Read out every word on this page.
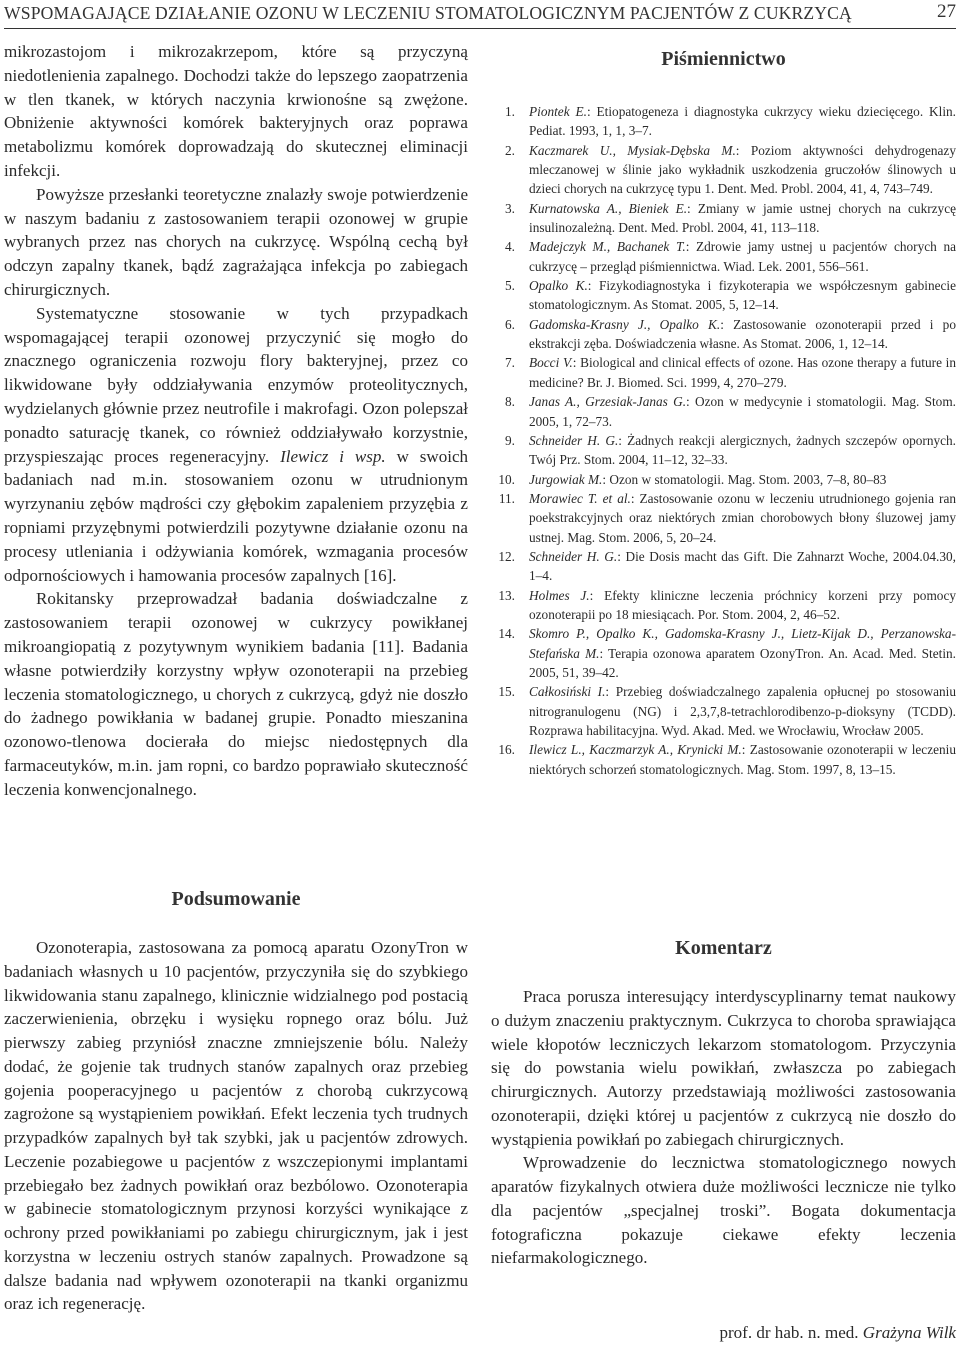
WSPOMAGAJĄCE DZIAŁANIE OZONU W LECZENIU STOMATOLOGICZNYM PACJENTÓW Z CUKRZYCĄ	27

mikrozastojom i mikrozakrzepom, które są przyczyną niedotlenienia zapalnego. Dochodzi także do lepszego zaopatrzenia w tlen tkanek, w których naczynia krwionośne są zwężone. Obniżenie aktywności komórek bakteryjnych oraz poprawa metabolizmu komórek doprowadzają do skutecznej eliminacji infekcji.

Powyższe przesłanki teoretyczne znalazły swoje potwierdzenie w naszym badaniu z zastosowaniem terapii ozonowej w grupie wybranych przez nas chorych na cukrzycę. Wspólną cechą był odczyn zapalny tkanek, bądź zagrażająca infekcja po zabiegach chirurgicznych.

Systematyczne stosowanie w tych przypadkach wspomagającej terapii ozonowej przyczynić się mogło do znacznego ograniczenia rozwoju flory bakteryjnej, przez co likwidowane były oddziaływania enzymów proteolitycznych, wydzielanych głównie przez neutrofile i makrofagi. Ozon polepszał ponadto saturację tkanek, co również oddziaływało korzystnie, przyspieszając proces regeneracyjny. Ilewicz i wsp. w swoich badaniach nad m.in. stosowaniem ozonu w utrudnionym wyrzynaniu zębów mądrości czy głębokim zapaleniem przyzębia z ropniami przyzębnymi potwierdzili pozytywne działanie ozonu na procesy utleniania i odżywiania komórek, wzmagania procesów odpornościowych i hamowania procesów zapalnych [16].

Rokitansky przeprowadzał badania doświadczalne z zastosowaniem terapii ozonowej w cukrzycy powikłanej mikroangiopatią z pozytywnym wynikiem badania [11]. Badania własne potwierdziły korzystny wpływ ozonoterapii na przebieg leczenia stomatologicznego, u chorych z cukrzycą, gdyż nie doszło do żadnego powikłania w badanej grupie. Ponadto mieszanina ozonowo-tlenowa docierała do miejsc niedostępnych dla farmaceutyków, m.in. jam ropni, co bardzo poprawiało skuteczność leczenia konwencjonalnego.

Piśmiennictwo
1. Piontek E.: Etiopatogeneza i diagnostyka cukrzycy wieku dziecięcego. Klin. Pediat. 1993, 1, 1, 3–7.
2. Kaczmarek U., Mysiak-Dębska M.: Poziom aktywności dehydrogenazy mleczanowej w ślinie jako wykładnik uszkodzenia gruczołów ślinowych u dzieci chorych na cukrzycę typu 1. Dent. Med. Probl. 2004, 41, 4, 743–749.
3. Kurnatowska A., Bieniek E.: Zmiany w jamie ustnej chorych na cukrzycę insulinozależną. Dent. Med. Probl. 2004, 41, 113–118.
4. Madejczyk M., Bachanek T.: Zdrowie jamy ustnej u pacjentów chorych na cukrzycę – przegląd piśmiennictwa. Wiad. Lek. 2001, 556–561.
5. Opalko K.: Fizykodiagnostyka i fizykoterapia we współczesnym gabinecie stomatologicznym. As Stomat. 2005, 5, 12–14.
6. Gadomska-Krasny J., Opalko K.: Zastosowanie ozonoterapii przed i po ekstrakcji zęba. Doświadczenia własne. As Stomat. 2006, 1, 12–14.
7. Bocci V.: Biological and clinical effects of ozone. Has ozone therapy a future in medicine? Br. J. Biomed. Sci. 1999, 4, 270–279.
8. Janas A., Grzesiak-Janas G.: Ozon w medycynie i stomatologii. Mag. Stom. 2005, 1, 72–73.
9. Schneider H. G.: Żadnych reakcji alergicznych, żadnych szczepów opornych. Twój Prz. Stom. 2004, 11–12, 32–33.
10. Jurgowiak M.: Ozon w stomatologii. Mag. Stom. 2003, 7–8, 80–83
11. Morawiec T. et al.: Zastosowanie ozonu w leczeniu utrudnionego gojenia ran poekstrakcyjnych oraz niektórych zmian chorobowych błony śluzowej jamy ustnej. Mag. Stom. 2006, 5, 20–24.
12. Schneider H. G.: Die Dosis macht das Gift. Die Zahnarzt Woche, 2004.04.30, 1–4.
13. Holmes J.: Efekty kliniczne leczenia próchnicy korzeni przy pomocy ozonoterapii po 18 miesiącach. Por. Stom. 2004, 2, 46–52.
14. Skomro P., Opalko K., Gadomska-Krasny J., Lietz-Kijak D., Perzanowska-Stefańska M.: Terapia ozonowa aparatem OzonyTron. An. Acad. Med. Stetin. 2005, 51, 39–42.
15. Całkosiński I.: Przebieg doświadczalnego zapalenia opłucnej po stosowaniu nitrogranulogenu (NG) i 2,3,7,8-tetrachlorodibenzo-p-dioksyny (TCDD). Rozprawa habilitacyjna. Wyd. Akad. Med. we Wrocławiu, Wrocław 2005.
16. Ilewicz L., Kaczmarzyk A., Krynicki M.: Zastosowanie ozonoterapii w leczeniu niektórych schorzeń stomatologicznych. Mag. Stom. 1997, 8, 13–15.
Podsumowanie

Ozonoterapia, zastosowana za pomocą aparatu OzonyTron w badaniach własnych u 10 pacjentów, przyczyniła się do szybkiego likwidowania stanu zapalnego, klinicznie widzialnego pod postacią zaczerwienienia, obrzęku i wysięku ropnego oraz bólu. Już pierwszy zabieg przyniósł znaczne zmniejszenie bólu. Należy dodać, że gojenie tak trudnych stanów zapalnych oraz przebieg gojenia pooperacyjnego u pacjentów z chorobą cukrzycową zagrożone są wystąpieniem powikłań. Efekt leczenia tych trudnych przypadków zapalnych był tak szybki, jak u pacjentów zdrowych. Leczenie pozabiegowe u pacjentów z wszczepionymi implantami przebiegało bez żadnych powikłań oraz bezbólowo. Ozonoterapia w gabinecie stomatologicznym przynosi korzyści wynikające z ochrony przed powikłaniami po zabiegu chirurgicznym, jak i jest korzystna w leczeniu ostrych stanów zapalnych. Prowadzone są dalsze badania nad wpływem ozonoterapii na tkanki organizmu oraz ich regenerację.

Komentarz

Praca porusza interesujący interdyscyplinarny temat naukowy o dużym znaczeniu praktycznym. Cukrzyca to choroba sprawiająca wiele kłopotów leczniczych lekarzom stomatologom. Przyczynia się do powstania wielu powikłań, zwłaszcza po zabiegach chirurgicznych. Autorzy przedstawiają możliwości zastosowania ozonoterapii, dzięki której u pacjentów z cukrzycą nie doszło do wystąpienia powikłań po zabiegach chirurgicznych.

Wprowadzenie do lecznictwa stomatologicznego nowych aparatów fizykalnych otwiera duże możliwości lecznicze nie tylko dla pacjentów „specjalnej troski”. Bogata dokumentacja fotograficzna pokazuje ciekawe efekty leczenia niefarmakologicznego.

prof. dr hab. n. med. Grażyna Wilk
